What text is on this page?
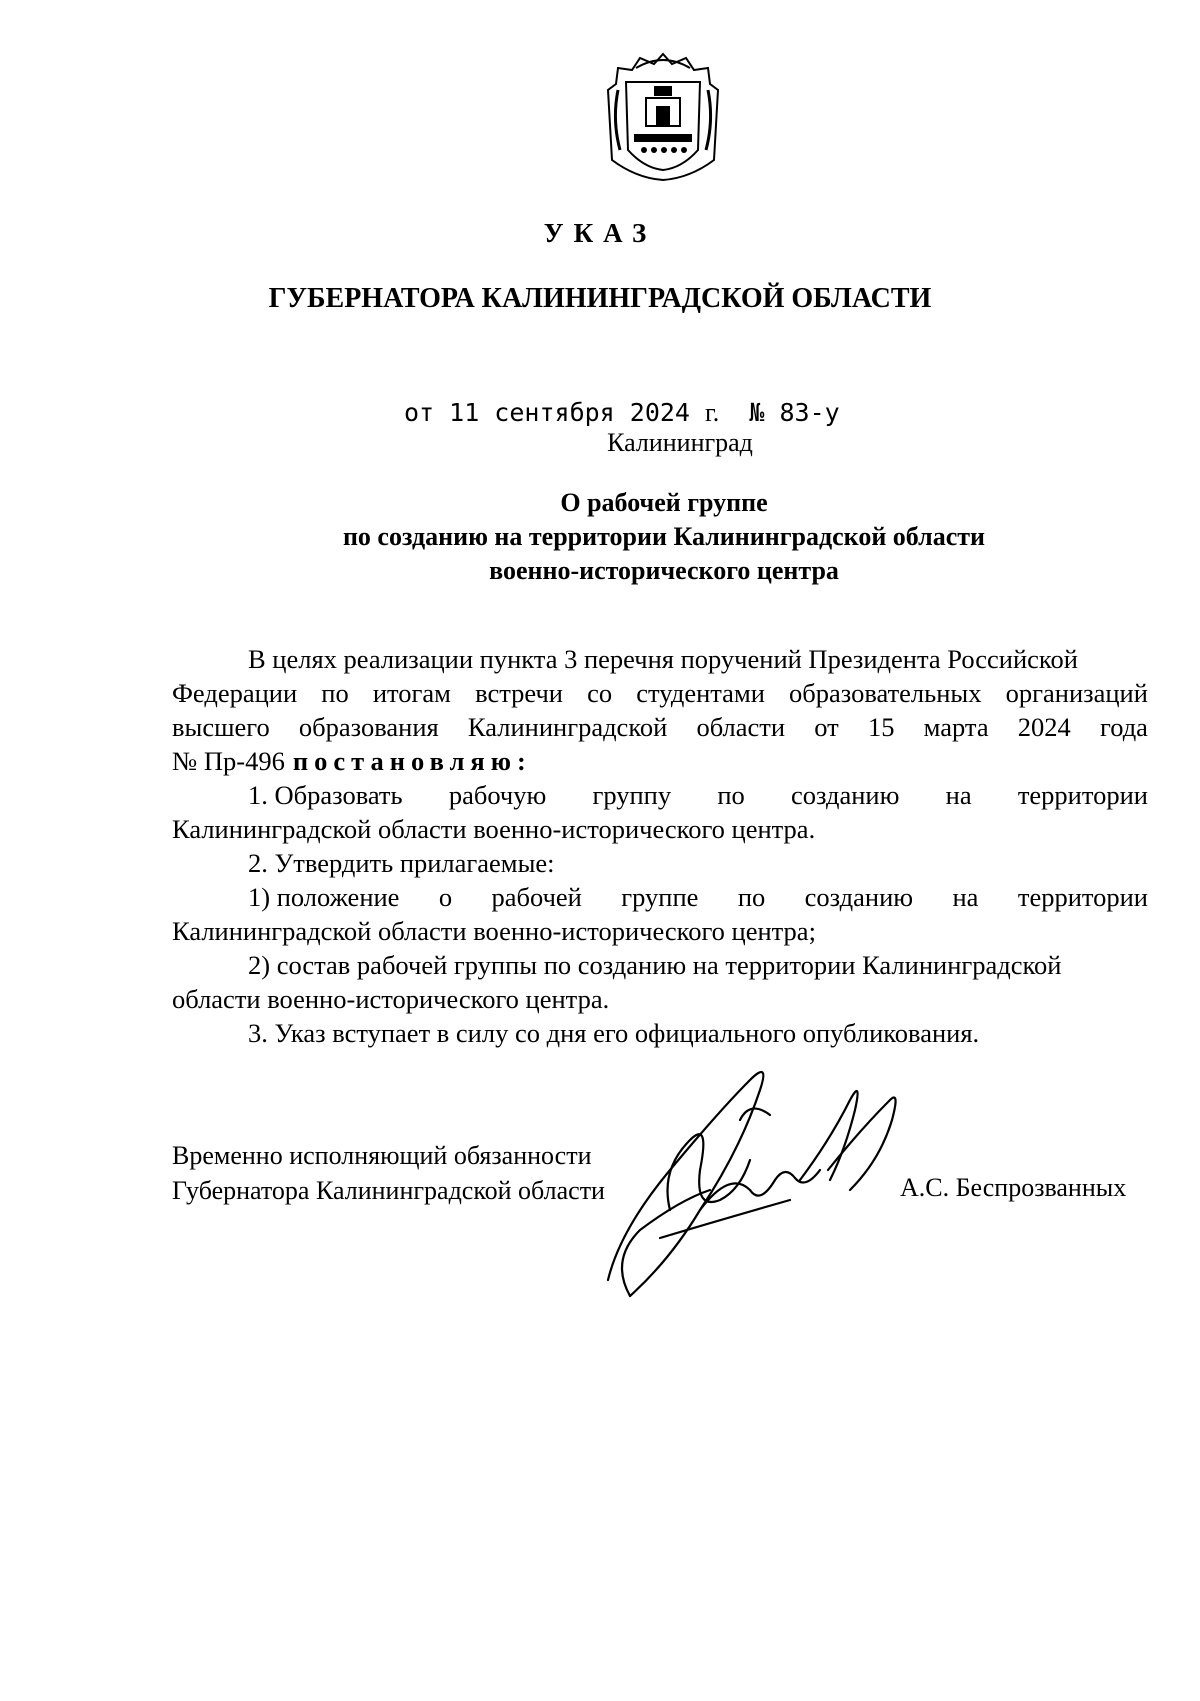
УКАЗ
ГУБЕРНАТОРА КАЛИНИНГРАДСКОЙ ОБЛАСТИ
от 11 сентября 2024 г. № 83-у
Калининград
О рабочей группе
по созданию на территории Калининградской области
военно-исторического центра
В целях реализации пункта 3 перечня поручений Президента Российской
Федерации по итогам встречи со студентами образовательных организаций
высшего образования Калининградской области от 15 марта 2024 года
№ Пр-496 постановляю:
1. Образовать рабочую группу по созданию на территории
Калининградской области военно-исторического центра.
2. Утвердить прилагаемые:
1) положение о рабочей группе по созданию на территории
Калининградской области военно-исторического центра;
2) состав рабочей группы по созданию на территории Калининградской
области военно-исторического центра.
3. Указ вступает в силу со дня его официального опубликования.
Временно исполняющий обязанности
Губернатора Калининградской области	А.С. Беспрозванных
